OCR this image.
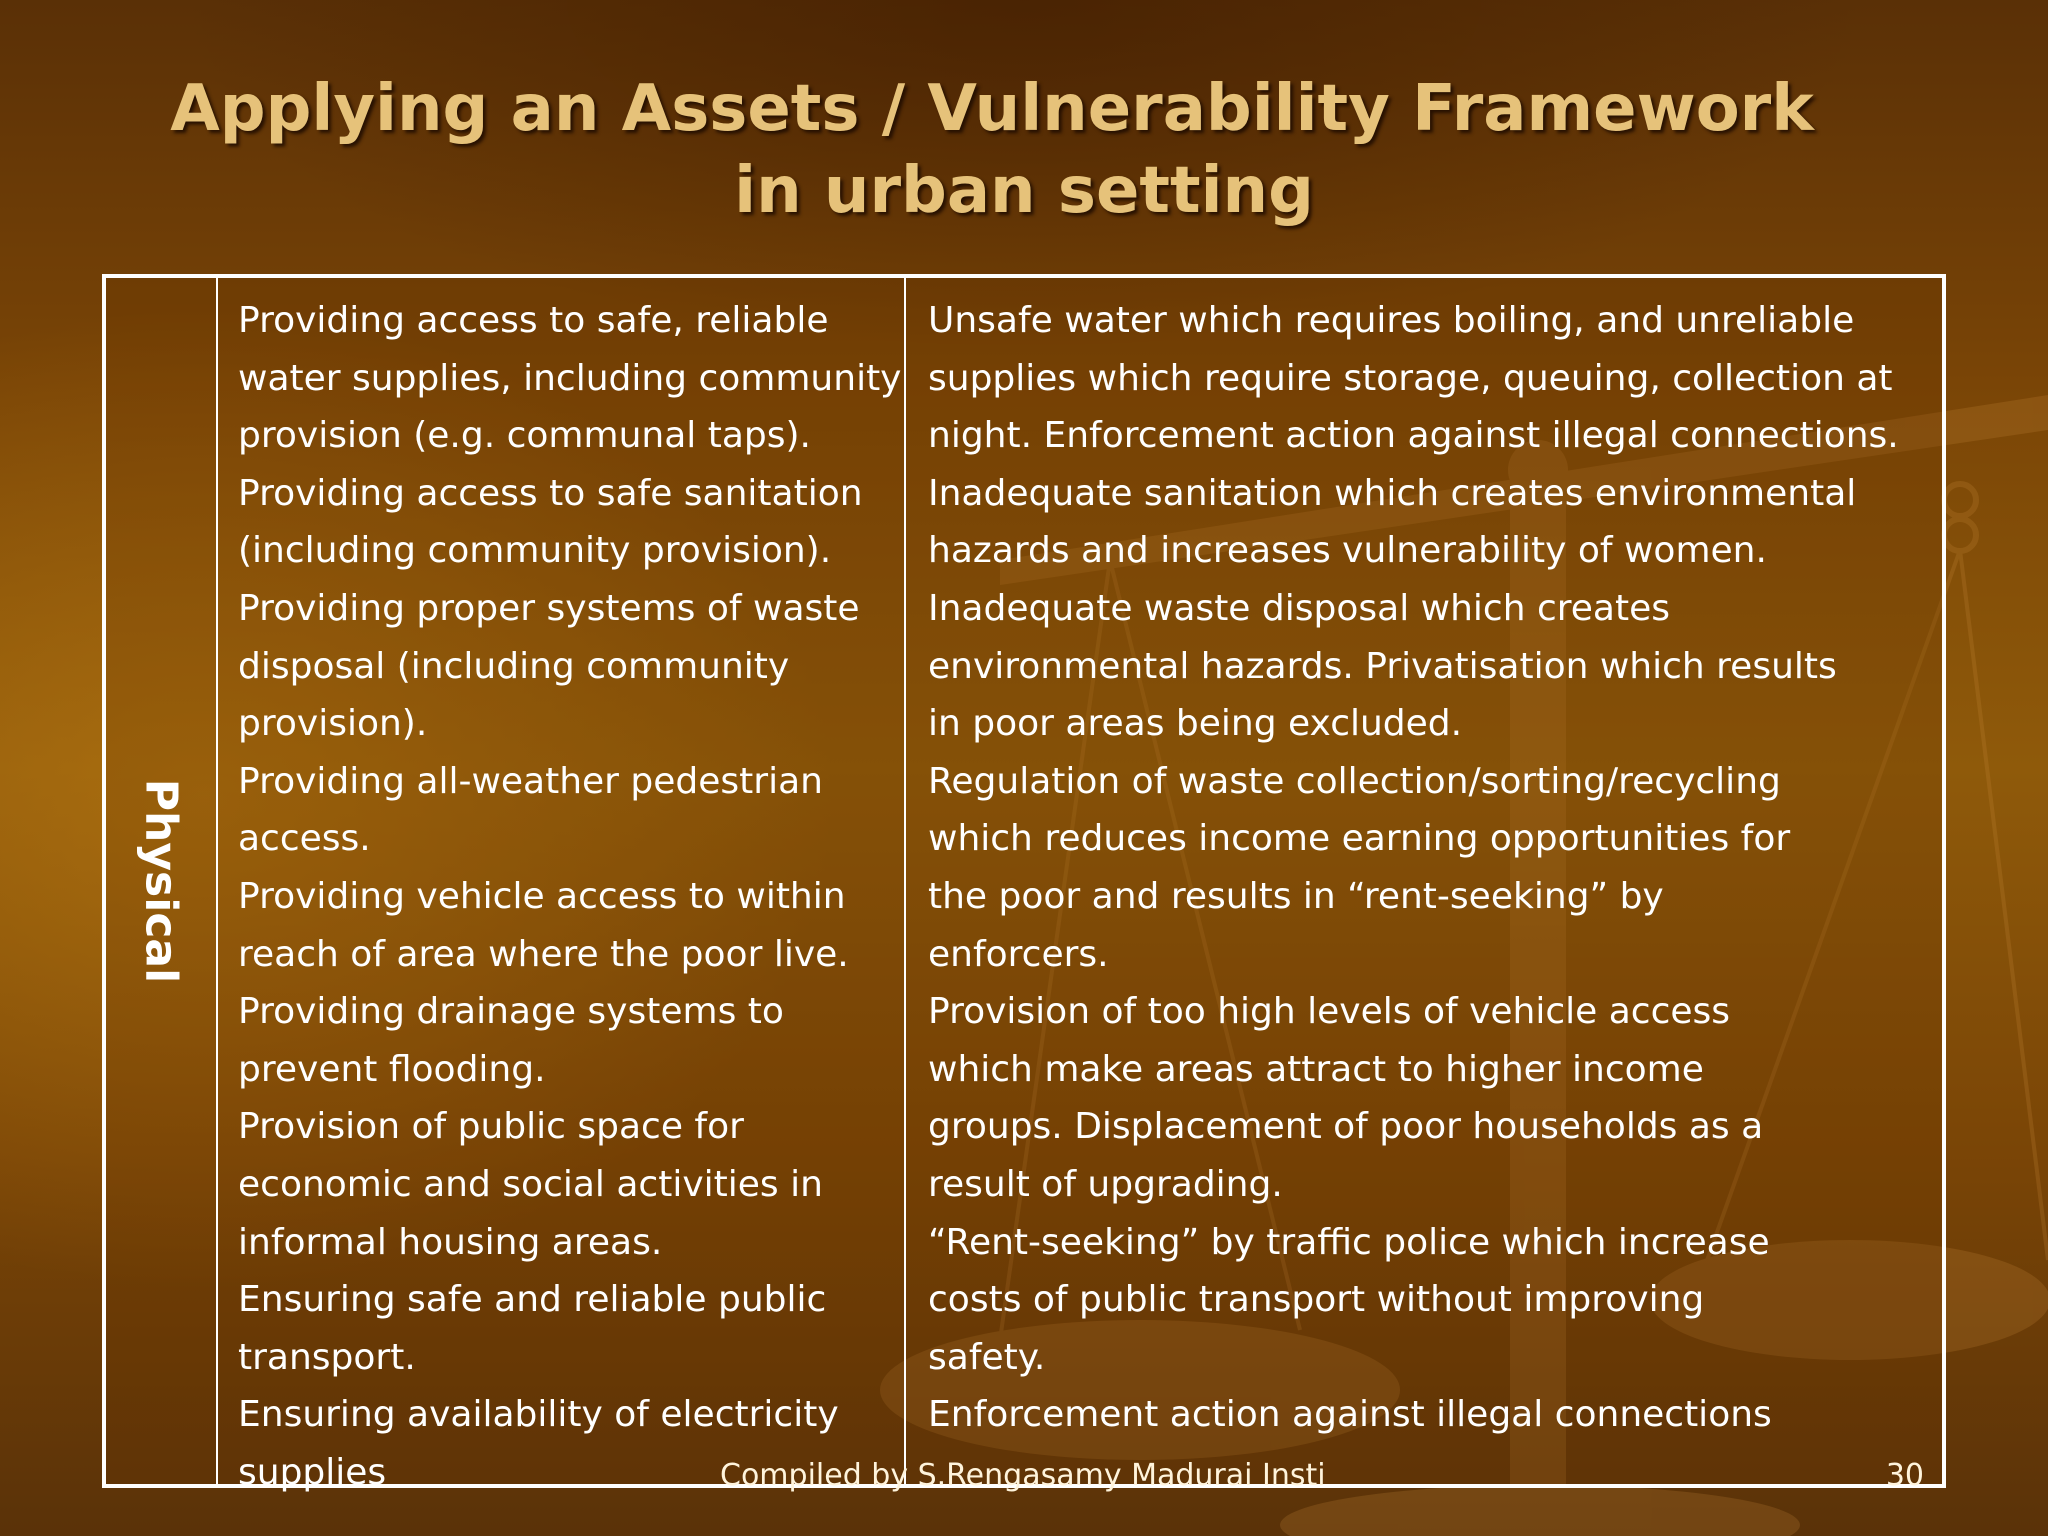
Applying an Assets / Vulnerability Framework
in urban setting
Physical

Providing access to safe, reliable
water supplies, including community
provision (e.g. communal taps).
Providing access to safe sanitation
(including community provision).
Providing proper systems of waste
disposal (including community
provision).
Providing all-weather pedestrian
access.
Providing vehicle access to within
reach of area where the poor live.
Providing drainage systems to
prevent flooding.
Provision of public space for
economic and social activities in
informal housing areas.
Ensuring safe and reliable public
transport.
Ensuring availability of electricity
supplies

Unsafe water which requires boiling, and unreliable
supplies which require storage, queuing, collection at
night. Enforcement action against illegal connections.
Inadequate sanitation which creates environmental
hazards and increases vulnerability of women.
Inadequate waste disposal which creates
environmental hazards. Privatisation which results
in poor areas being excluded.
Regulation of waste collection/sorting/recycling
which reduces income earning opportunities for
the poor and results in “rent-seeking” by
enforcers.
Provision of too high levels of vehicle access
which make areas attract to higher income
groups. Displacement of poor households as a
result of upgrading.
“Rent-seeking” by traffic police which increase
costs of public transport without improving
safety.
Enforcement action against illegal connections

Compiled by S.Rengasamy Madurai Insti	30
